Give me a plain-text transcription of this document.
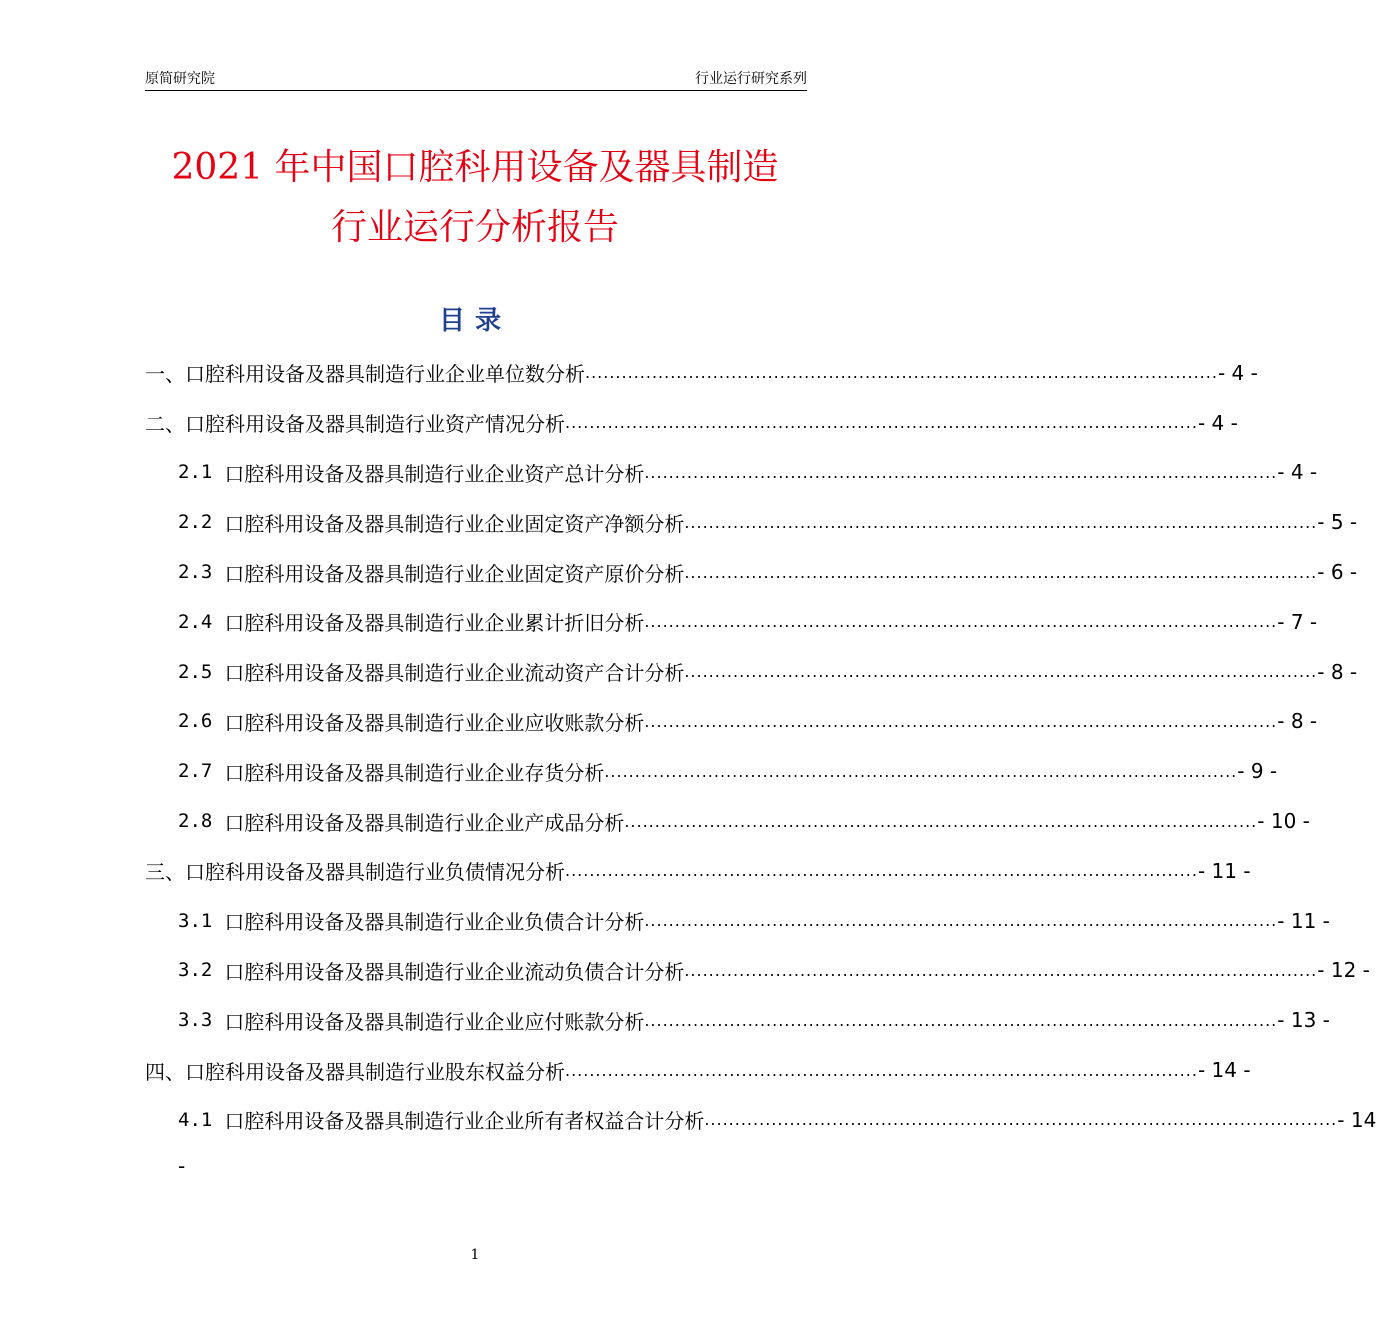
原简研究院	行业运行研究系列
2021 年中国口腔科用设备及器具制造
行业运行分析报告
目录
一、口腔科用设备及器具制造行业企业单位数分析 .....	- 4 -
二、口腔科用设备及器具制造行业资产情况分析 .....	- 4 -
2.1 口腔科用设备及器具制造行业企业资产总计分析 .....	- 4 -
2.2 口腔科用设备及器具制造行业企业固定资产净额分析 .....	- 5 -
2.3 口腔科用设备及器具制造行业企业固定资产原价分析 .....	- 6 -
2.4 口腔科用设备及器具制造行业企业累计折旧分析 .....	- 7 -
2.5 口腔科用设备及器具制造行业企业流动资产合计分析 .....	- 8 -
2.6 口腔科用设备及器具制造行业企业应收账款分析 .....	- 8 -
2.7 口腔科用设备及器具制造行业企业存货分析 .....	- 9 -
2.8 口腔科用设备及器具制造行业企业产成品分析 .....	- 10 -
三、口腔科用设备及器具制造行业负债情况分析 .....	- 11 -
3.1 口腔科用设备及器具制造行业企业负债合计分析 .....	- 11 -
3.2 口腔科用设备及器具制造行业企业流动负债合计分析 .....	- 12 -
3.3 口腔科用设备及器具制造行业企业应付账款分析 .....	- 13 -
四、口腔科用设备及器具制造行业股东权益分析 .....	- 14 -
4.1 口腔科用设备及器具制造行业企业所有者权益合计分析 .....	- 14
-
1
